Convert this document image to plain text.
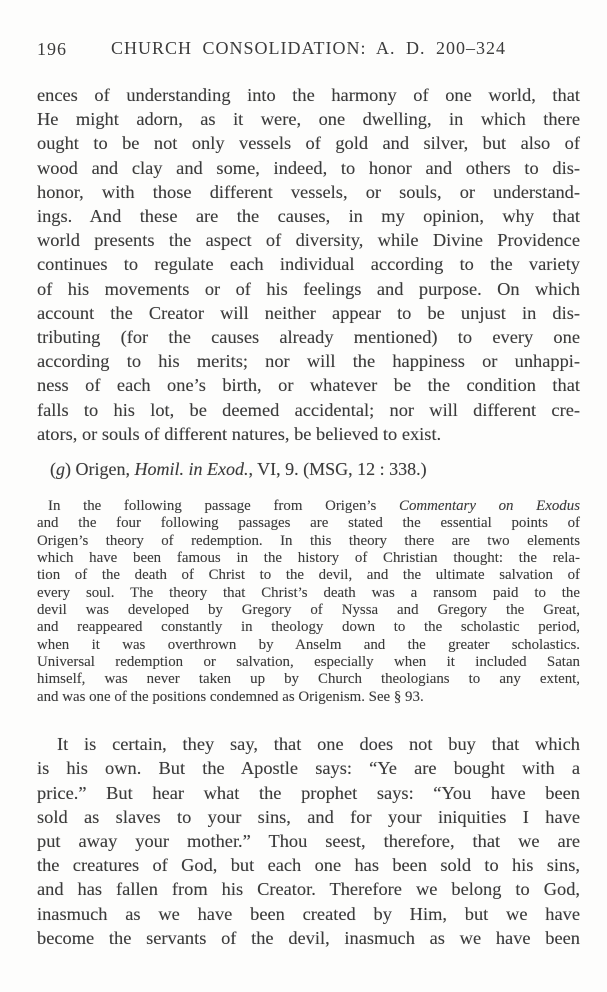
196	CHURCH CONSOLIDATION: A. D. 200–324
ences of understanding into the harmony of one world, that
He might adorn, as it were, one dwelling, in which there
ought to be not only vessels of gold and silver, but also of
wood and clay and some, indeed, to honor and others to dis-
honor, with those different vessels, or souls, or understand-
ings. And these are the causes, in my opinion, why that
world presents the aspect of diversity, while Divine Providence
continues to regulate each individual according to the variety
of his movements or of his feelings and purpose. On which
account the Creator will neither appear to be unjust in dis-
tributing (for the causes already mentioned) to every one
according to his merits; nor will the happiness or unhappi-
ness of each one’s birth, or whatever be the condition that
falls to his lot, be deemed accidental; nor will different cre-
ators, or souls of different natures, be believed to exist.
(g) Origen, Homil. in Exod., VI, 9. (MSG, 12 : 338.)
In the following passage from Origen’s Commentary on Exodus
and the four following passages are stated the essential points of
Origen’s theory of redemption. In this theory there are two elements
which have been famous in the history of Christian thought: the rela-
tion of the death of Christ to the devil, and the ultimate salvation of
every soul. The theory that Christ’s death was a ransom paid to the
devil was developed by Gregory of Nyssa and Gregory the Great,
and reappeared constantly in theology down to the scholastic period,
when it was overthrown by Anselm and the greater scholastics.
Universal redemption or salvation, especially when it included Satan
himself, was never taken up by Church theologians to any extent,
and was one of the positions condemned as Origenism. See § 93.
It is certain, they say, that one does not buy that which
is his own. But the Apostle says: “Ye are bought with a
price.” But hear what the prophet says: “You have been
sold as slaves to your sins, and for your iniquities I have
put away your mother.” Thou seest, therefore, that we are
the creatures of God, but each one has been sold to his sins,
and has fallen from his Creator. Therefore we belong to God,
inasmuch as we have been created by Him, but we have
become the servants of the devil, inasmuch as we have been
